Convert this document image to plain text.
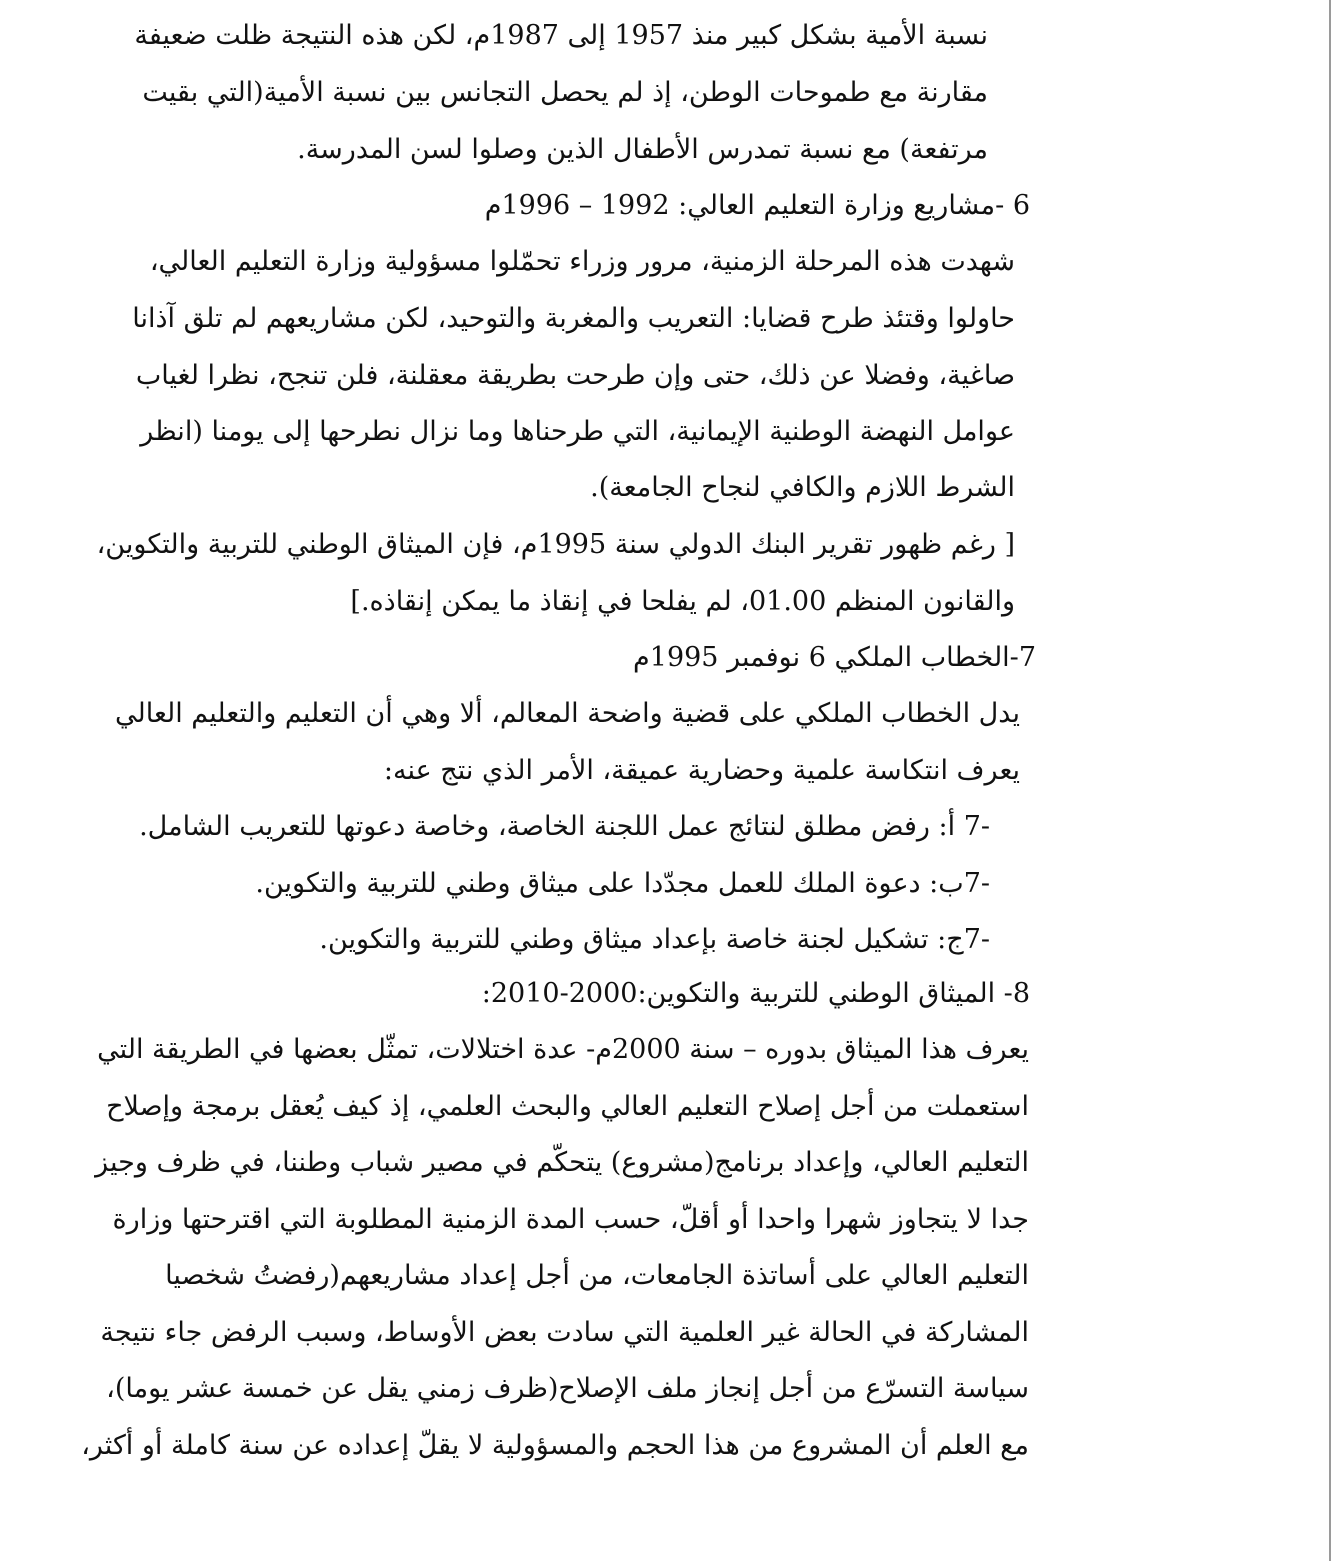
نسبة الأمية بشكل كبير منذ 1957 إلى 1987م، لكن هذه النتيجة ظلت ضعيفة
مقارنة مع طموحات الوطن، إذ لم يحصل التجانس بين نسبة الأمية(التي بقيت
مرتفعة) مع نسبة تمدرس الأطفال الذين وصلوا لسن المدرسة.
6 -مشاريع وزارة التعليم العالي: 1992 – 1996م
شهدت هذه المرحلة الزمنية، مرور وزراء تحمّلوا مسؤولية وزارة التعليم العالي،
حاولوا وقتئذ طرح قضايا: التعريب والمغربة والتوحيد، لكن مشاريعهم لم تلق آذانا
صاغية، وفضلا عن ذلك، حتى وإن طرحت بطريقة معقلنة، فلن تنجح، نظرا لغياب
عوامل النهضة الوطنية الإيمانية، التي طرحناها وما نزال نطرحها إلى يومنا (انظر
الشرط اللازم والكافي لنجاح الجامعة).
[ رغم ظهور تقرير البنك الدولي سنة 1995م، فإن الميثاق الوطني للتربية والتكوين،
والقانون المنظم 01.00، لم يفلحا في إنقاذ ما يمكن إنقاذه.]
7-الخطاب الملكي 6 نوفمبر 1995م
يدل الخطاب الملكي على قضية واضحة المعالم، ألا وهي أن التعليم والتعليم العالي
يعرف انتكاسة علمية وحضارية عميقة، الأمر الذي نتج عنه:
-7 أ: رفض مطلق لنتائج عمل اللجنة الخاصة، وخاصة دعوتها للتعريب الشامل.
-7ب: دعوة الملك للعمل مجدّدا على ميثاق وطني للتربية والتكوين.
-7ج: تشكيل لجنة خاصة بإعداد ميثاق وطني للتربية والتكوين.
8- الميثاق الوطني للتربية والتكوين:2000-2010:
يعرف هذا الميثاق بدوره – سنة 2000م- عدة اختلالات، تمثّل بعضها في الطريقة التي
استعملت من أجل إصلاح التعليم العالي والبحث العلمي، إذ كيف يُعقل برمجة وإصلاح
التعليم العالي، وإعداد برنامج(مشروع) يتحكّم في مصير شباب وطننا، في ظرف وجيز
جدا لا يتجاوز شهرا واحدا أو أقلّ، حسب المدة الزمنية المطلوبة التي اقترحتها وزارة
التعليم العالي على أساتذة الجامعات، من أجل إعداد مشاريعهم(رفضتُ شخصيا
المشاركة في الحالة غير العلمية التي سادت بعض الأوساط، وسبب الرفض جاء نتيجة
سياسة التسرّع من أجل إنجاز ملف الإصلاح(ظرف زمني يقل عن خمسة عشر يوما)،
مع العلم أن المشروع من هذا الحجم والمسؤولية لا يقلّ إعداده عن سنة كاملة أو أكثر،
